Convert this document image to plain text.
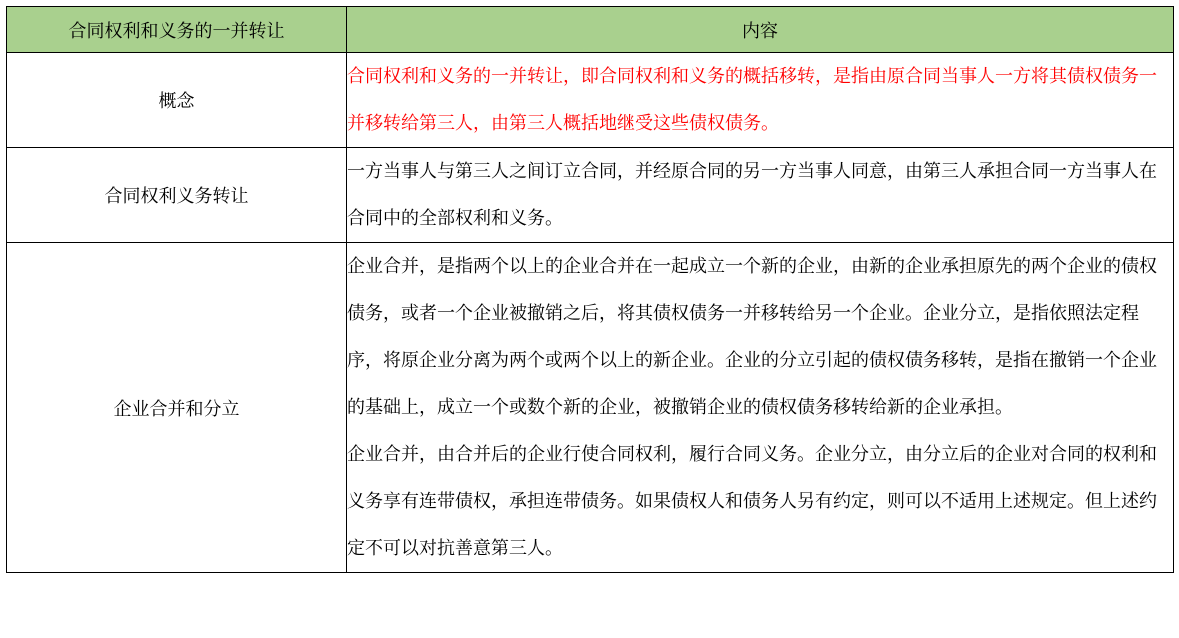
合同权利和义务的一并转让	内容
概念	合同权利和义务的一并转让，即合同权利和义务的概括移转，是指由原合同当事人一方将其债权债务一并移转给第三人，由第三人概括地继受这些债权债务。

合同权利义务转让	一方当事人与第三人之间订立合同，并经原合同的另一方当事人同意，由第三人承担合同一方当事人在合同中的全部权利和义务。

企业合并和分立	企业合并，是指两个以上的企业合并在一起成立一个新的企业，由新的企业承担原先的两个企业的债权债务，或者一个企业被撤销之后，将其债权债务一并移转给另一个企业。企业分立，是指依照法定程序，将原企业分离为两个或两个以上的新企业。企业的分立引起的债权债务移转，是指在撤销一个企业的基础上，成立一个或数个新的企业，被撤销企业的债权债务移转给新的企业承担。

企业合并，由合并后的企业行使合同权利，履行合同义务。企业分立，由分立后的企业对合同的权利和义务享有连带债权，承担连带债务。如果债权人和债务人另有约定，则可以不适用上述规定。但上述约定不可以对抗善意第三人。
